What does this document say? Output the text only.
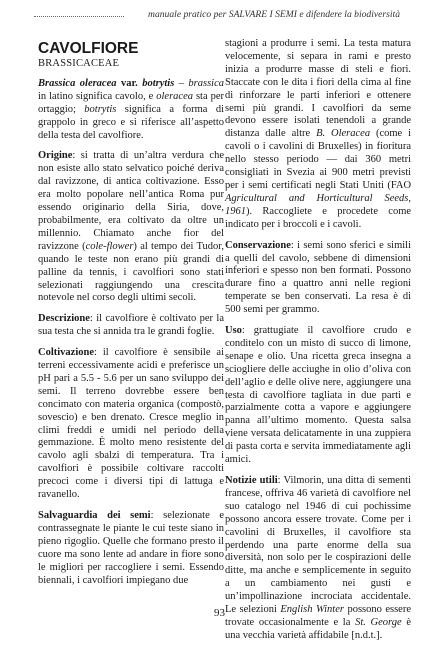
manuale pratico per SALVARE I SEMI e difendere la biodiversità
CAVOLFIORE
BRASSICACEAE

Brassica oleracea var. botrytis – brassica in latino significa cavolo, e oleracea sta per ortaggio; botrytis significa a forma di grappolo in greco e si riferisce all’aspetto della testa del cavolfiore.

Origine: si tratta di un’altra verdura che non esiste allo stato selvatico poiché deriva dal ravizzone, di antica coltivazione. Esso era molto popolare nell’antica Roma pur essendo originario della Siria, dove, probabilmente, era coltivato da oltre un millennio. Chiamato anche fior del ravizzone (cole-flower) al tempo dei Tudor, quando le teste non erano più grandi di palline da tennis, i cavolfiori sono stati selezionati raggiungendo una crescita notevole nel corso degli ultimi secoli.

Descrizione: il cavolfiore è coltivato per la sua testa che si annida tra le grandi foglie.

Coltivazione: il cavolfiore è sensibile ai terreni eccessivamente acidi e preferisce un pH pari a 5.5 - 5.6 per un sano sviluppo dei semi. Il terreno dovrebbe essere ben concimato con materia organica (compostò, sovescio) e ben drenato. Cresce meglio in climi freddi e umidi nel periodo della gemmazione. È molto meno resistente del cavolo agli sbalzi di temperatura. Tra i cavolfiori è possibile coltivare raccolti precoci come i diversi tipi di lattuga e ravanello.

Salvaguardia dei semi: selezionate e contrassegnate le piante le cui teste siano in pieno rigoglio. Quelle che formano presto il cuore ma sono lente ad andare in fiore sono le migliori per raccogliere i semi. Essendo biennali, i cavolfiori impiegano due

stagioni a produrre i semi. La testa matura velocemente, si separa in rami e presto inizia a produrre masse di steli e fiori. Staccate con le dita i fiori della cima al fine di rinforzare le parti inferiori e ottenere semi più grandi. I cavolfiori da seme devono essere isolati tenendoli a grande distanza dalle altre B. Oleracea (come i cavoli o i cavolini di Bruxelles) in fioritura nello stesso periodo — dai 360 metri consigliati in Svezia ai 900 metri previsti per i semi certificati negli Stati Uniti (FAO Agricultural and Horticultural Seeds, 1961). Raccogliete e procedete come indicato per i broccoli e i cavoli.

Conservazione: i semi sono sferici e simili a quelli del cavolo, sebbene di dimensioni inferiori e spesso non ben formati. Possono durare fino a quattro anni nelle regioni temperate se ben conservati. La resa è di 500 semi per grammo.

Uso: grattugiate il cavolfiore crudo e condìtelo con un misto di succo di limone, senape e olio. Una ricetta greca insegna a sciogliere delle acciughe in olio d’oliva con dell’aglio e delle olive nere, aggiungere una testa di cavolfiore tagliata in due parti e parzialmente cotta a vapore e aggiungere panna all’ultimo momento. Questa salsa viene versata delicatamente in una zuppiera di pasta corta e servita immediatamente agli amici.

Notizie utili: Vilmorin, una ditta di sementi francese, offriva 46 varietà di cavolfiore nel suo catalogo nel 1946 di cui pochissime possono ancora essere trovate. Come per i cavolini di Bruxelles, il cavolfiore sta perdendo una parte enorme della sua diversità, non solo per le cospirazioni delle ditte, ma anche e semplicemente in seguito a un cambiamento nei gusti e un’impollinazione incrociata accidentale. Le selezioni English Winter possono essere trovate occasionalmente e la St. George è una vecchia varietà affidabile [n.d.t.].

93
